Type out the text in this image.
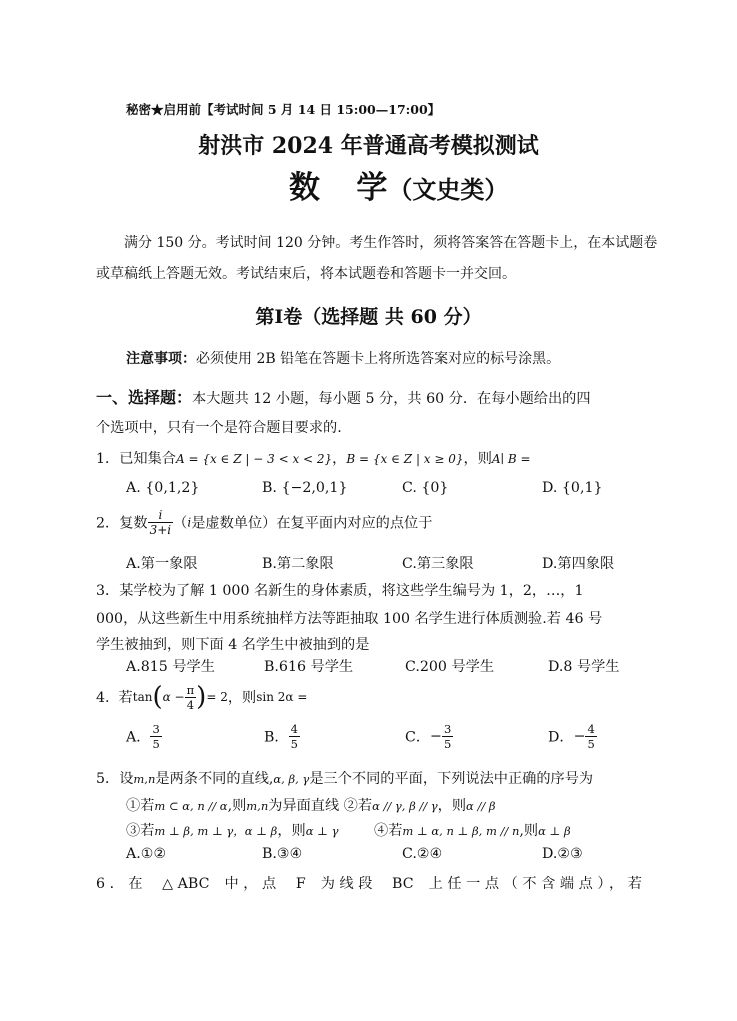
秘密★启用前【考试时间 5 月 14 日 15:00—17:00】
射洪市 2024 年普通高考模拟测试
数   学（文史类）
满分 150 分。考试时间 120 分钟。考生作答时，须将答案答在答题卡上，在本试题卷
或草稿纸上答题无效。考试结束后，将本试题卷和答题卡一并交回。
第Ⅰ卷（选择题 共 60 分）
注意事项：必须使用 2B 铅笔在答题卡上将所选答案对应的标号涂黑。
一、选择题：本大题共 12 小题，每小题 5 分，共 60 分．在每小题给出的四
个选项中，只有一个是符合题目要求的.
1．已知集合A = {x ∈ Z | − 3 < x < 2}，B = {x ∈ Z | x ≥ 0}，则A∣ B =
A. {0,1,2}	B. {−2,0,1}	C. {0}	D. {0,1}
2．复数 $\frac{i}{3+i} (i$是虚数单位）在复平面内对应的点位于
A.第一象限	B.第二象限	C.第三象限	D.第四象限
3．某学校为了解 1 000 名新生的身体素质，将这些学生编号为 1，2，…，1
000，从这些新生中用系统抽样方法等距抽取 100 名学生进行体质测验.若 46 号
学生被抽到，则下面 4 名学生中被抽到的是
A.815 号学生	B.616 号学生	C.200 号学生	D.8 号学生
4.  若$\tan(\alpha - \frac{\pi}{4}$ )= 2，则sin 2α =
A． $\frac{3}{5}$	B． $\frac{4}{5}$	C．− $\frac{3}{5}$	D．− $\frac{4}{5}$
5．设m,n是两条不同的直线,α, β, γ是三个不同的平面，下列说法中正确的序号为
①若m ⊂ α, n // α,则m,n为异面直线 ②若α // γ, β // γ，则α // β
③若m ⊥ β, m ⊥ γ，α ⊥ β，则α ⊥ γ	④若m ⊥ α, n ⊥ β, m // n,则α ⊥ β
A.①②	B.③④	C.②④	D.②③
6．在 △ABC 中，点 F 为线段 BC 上任一点（不含端点），若
